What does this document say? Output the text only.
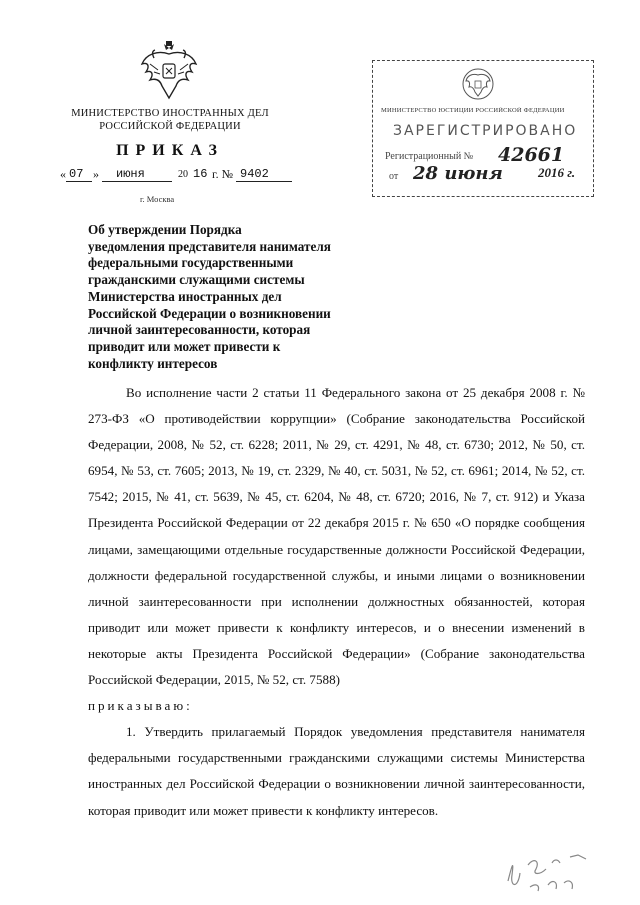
МИНИСТЕРСТВО ИНОСТРАННЫХ ДЕЛ
РОССИЙСКОЙ ФЕДЕРАЦИИ
ПРИКАЗ
« 07 » июня	20 16 г. № 9402
г. Москва
МИНИСТЕРСТВО ЮСТИЦИИ РОССИЙСКОЙ ФЕДЕРАЦИИ
ЗАРЕГИСТРИРОВАНО
Регистрационный № 42661
от 28 июня	2016 г.
Об утверждении Порядка
уведомления представителя нанимателя
федеральными государственными
гражданскими служащими системы
Министерства иностранных дел
Российской Федерации о возникновении
личной заинтересованности, которая
приводит или может привести к
конфликту интересов

Во исполнение части 2 статьи 11 Федерального закона от 25 декабря 2008 г. № 273-ФЗ «О противодействии коррупции» (Собрание законодательства Российской Федерации, 2008, № 52, ст. 6228; 2011, № 29, ст. 4291, № 48, ст. 6730; 2012, № 50, ст. 6954, № 53, ст. 7605; 2013, № 19, ст. 2329, № 40, ст. 5031, № 52, ст. 6961; 2014, № 52, ст. 7542; 2015, № 41, ст. 5639, № 45, ст. 6204, № 48, ст. 6720; 2016, № 7, ст. 912) и Указа Президента Российской Федерации от 22 декабря 2015 г. № 650 «О порядке сообщения лицами, замещающими отдельные государственные должности Российской Федерации, должности федеральной государственной службы, и иными лицами о возникновении личной заинтересованности при исполнении должностных обязанностей, которая приводит или может привести к конфликту интересов, и о внесении изменений в некоторые акты Президента Российской Федерации» (Собрание законодательства Российской Федерации, 2015, № 52, ст. 7588)

приказываю:

1. Утвердить прилагаемый Порядок уведомления представителя нанимателя федеральными государственными гражданскими служащими системы Министерства иностранных дел Российской Федерации о возникновении личной заинтересованности, которая приводит или может привести к конфликту интересов.
